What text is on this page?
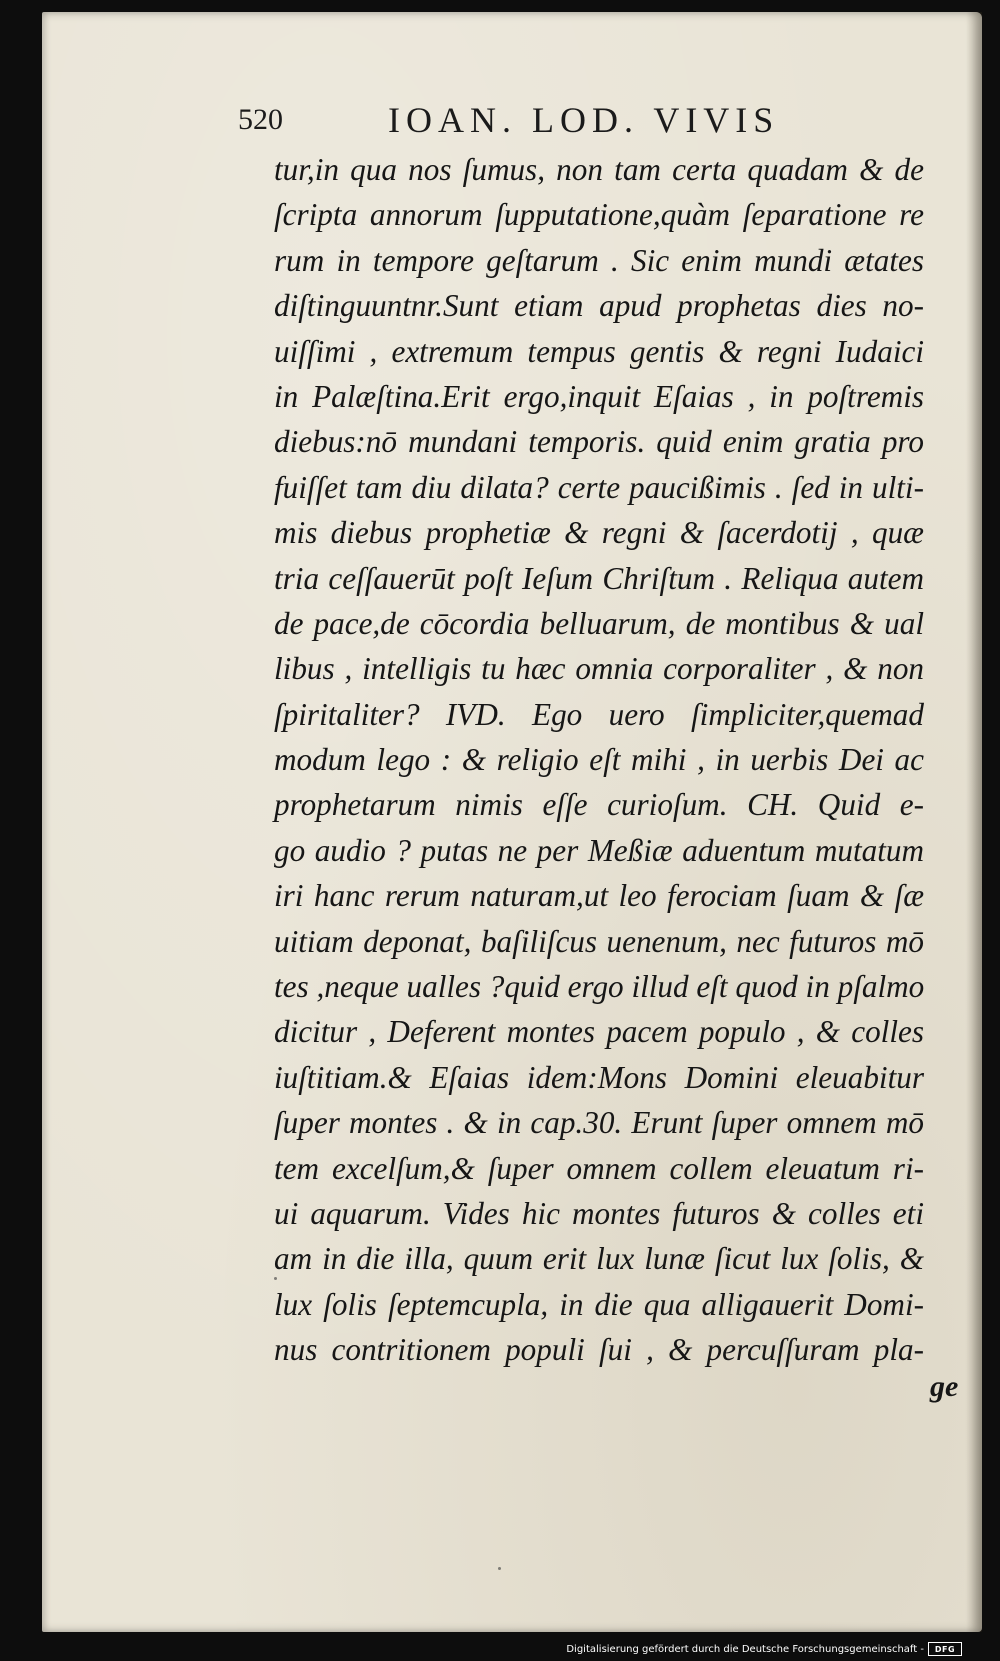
520	IOAN. LOD. VIVIS
tur,in qua nos ſumus, non tam certa quadam & de
ſcripta annorum ſupputatione,quàm ſeparatione re
rum in tempore geſtarum . Sic enim mundi ætates
diſtinguuntnr.Sunt etiam apud prophetas dies no-
uiſſimi , extremum tempus gentis & regni Iudaici
in Palæſtina.Erit ergo,inquit Eſaias , in poſtremis
diebus:nō mundani temporis. quid enim gratia pro
fuiſſet tam diu dilata? certe paucißimis . ſed in ulti-
mis diebus prophetiæ & regni & ſacerdotij , quæ
tria ceſſauerūt poſt Ieſum Chriſtum . Reliqua autem
de pace,de cōcordia belluarum, de montibus & ual
libus , intelligis tu hæc omnia corporaliter , & non
ſpiritaliter? IVD. Ego uero ſimpliciter,quemad
modum lego : & religio eſt mihi , in uerbis Dei ac
prophetarum nimis eſſe curioſum. CH. Quid e-
go audio ? putas ne per Meßiæ aduentum mutatum
iri hanc rerum naturam,ut leo ferociam ſuam & ſæ
uitiam deponat, baſiliſcus uenenum, nec futuros mō
tes ,neque ualles ?quid ergo illud eſt quod in pſalmo
dicitur , Deferent montes pacem populo , & colles
iuſtitiam.& Eſaias idem:Mons Domini eleuabitur
ſuper montes . & in cap.30. Erunt ſuper omnem mō
tem excelſum,& ſuper omnem collem eleuatum ri-
ui aquarum. Vides hic montes futuros & colles eti
am in die illa, quum erit lux lunæ ſicut lux ſolis, &
lux ſolis ſeptemcupla, in die qua alligauerit Domi-
nus contritionem populi ſui , & percuſſuram pla-
ge
Digitalisierung gefördert durch die Deutsche Forschungsgemeinschaft -	DFG
